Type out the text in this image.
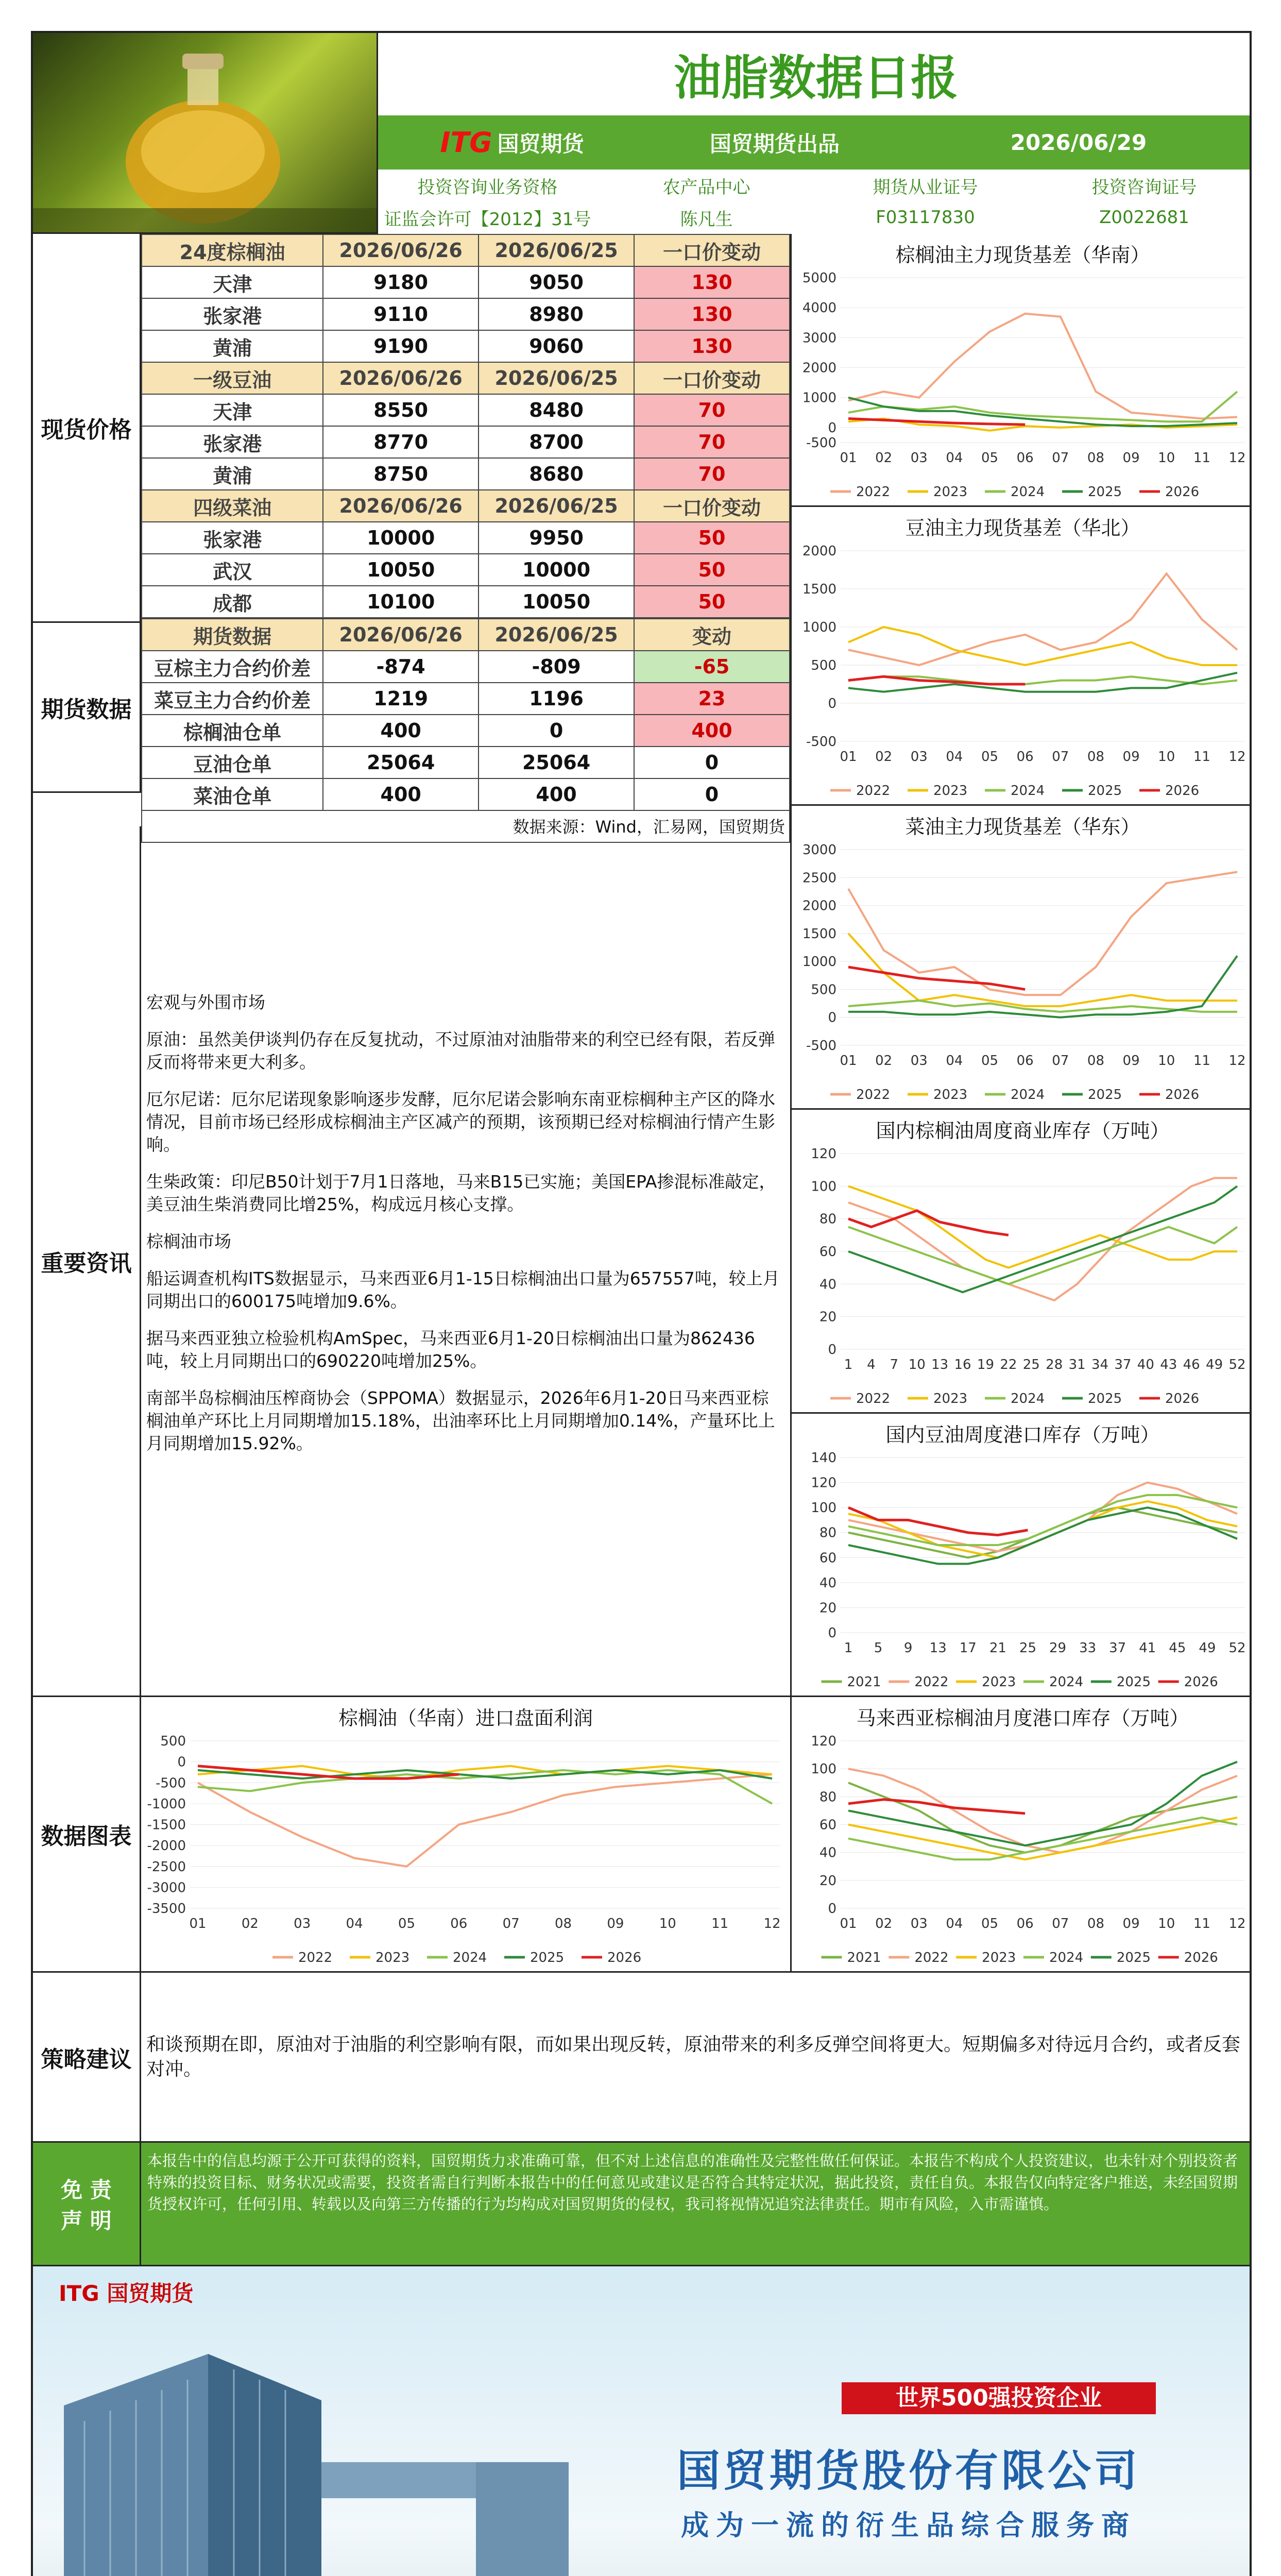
油脂数据日报
ITG 国贸期货	国贸期货出品	2026/06/29
投资咨询业务资格	农产品中心	期货从业证号	投资咨询证号
证监会许可【2012】31号	陈凡生	F03117830	Z0022681
现货价格
期货数据
重要资讯
数据图表
策略建议
免 责 声 明
24度棕榈油	2026/06/26	2026/06/25	一口价变动
天津	9180	9050	130
张家港	9110	8980	130
黄浦	9190	9060	130
一级豆油	2026/06/26	2026/06/25	一口价变动
天津	8550	8480	70
张家港	8770	8700	70
黄浦	8750	8680	70
四级菜油	2026/06/26	2026/06/25	一口价变动
张家港	10000	9950	50
武汉	10050	10000	50
成都	10100	10050	50
期货数据	2026/06/26	2026/06/25	变动
豆棕主力合约价差	-874	-809	-65
菜豆主力合约价差	1219	1196	23
棕榈油仓单	400	0	400
豆油仓单	25064	25064	0
菜油仓单	400	400	0
数据来源：Wind，汇易网，国贸期货

宏观与外围市场

原油：虽然美伊谈判仍存在反复扰动，不过原油对油脂带来的利空已经有限，若反弹反而将带来更大利多。

厄尔尼诺：厄尔尼诺现象影响逐步发酵，厄尔尼诺会影响东南亚棕榈种主产区的降水情况，目前市场已经形成棕榈油主产区减产的预期，该预期已经对棕榈油行情产生影响。

生柴政策：印尼B50计划于7月1日落地，马来B15已实施；美国EPA掺混标准敲定，美豆油生柴消费同比增25%，构成远月核心支撑。

棕榈油市场

船运调查机构ITS数据显示，马来西亚6月1-15日棕榈油出口量为657557吨，较上月同期出口的600175吨增加9.6%。

据马来西亚独立检验机构AmSpec，马来西亚6月1-20日棕榈油出口量为862436吨，较上月同期出口的690220吨增加25%。

南部半岛棕榈油压榨商协会（SPPOMA）数据显示，2026年6月1-20日马来西亚棕榈油单产环比上月同期增加15.18%，出油率环比上月同期增加0.14%，产量环比上月同期增加15.92%。

棕榈油主力现货基差（华南）
5000
4000
3000
2000
1000
0
-500
01 02 03 04 05 06 07 08 09 10 11 12
2022	2023	2024	2025	2026
豆油主力现货基差（华北）
2000
1500
1000
500
0
-500
01 02 03 04 05 06 07 08 09 10 11 12
2022	2023	2024	2025	2026
菜油主力现货基差（华东）
3000
2500
2000
1500
1000
500
0
-500
01 02 03 04 05 06 07 08 09 10 11 12
2022	2023	2024	2025	2026
国内棕榈油周度商业库存（万吨）
120
100
80
60
40
20
0
1 4 7 10 13 16 19 22 25 28 31 34 37 40 43 46 49 52
2022	2023	2024	2025	2026
国内豆油周度港口库存（万吨）
140
120
100
80
60
40
20
0
1 5 9 13 17 21 25 29 33 37 41 45 49 52
2021 2022 2023 2024 2025 2026
棕榈油（华南）进口盘面利润
500
0
-500
-1000
-1500
-2000
-2500
-3000
-3500
01	02	03	04	05	06	07	08	09	10	11	12
2022	2023	2024	2025	2026
马来西亚棕榈油月度港口库存（万吨）
120
100
80
60
40
20
0
01 02 03 04 05 06 07 08 09 10 11 12
2021 2022 2023 2024 2025 2026
和谈预期在即，原油对于油脂的利空影响有限，而如果出现反转，原油带来的利多反弹空间将更大。短期偏多对待远月合约，或者反套对冲。
本报告中的信息均源于公开可获得的资料，国贸期货力求准确可靠，但不对上述信息的准确性及完整性做任何保证。本报告不构成个人投资建议，也未针对个别投资者特殊的投资目标、财务状况或需要，投资者需自行判断本报告中的任何意见或建议是否符合其特定状况，据此投资，责任自负。本报告仅向特定客户推送，未经国贸期货授权许可，任何引用、转载以及向第三方传播的行为均构成对国贸期货的侵权，我司将视情况追究法律责任。期市有风险，入市需谨慎。
ITG 国贸期货
世界500强投资企业
国贸期货股份有限公司
成为一流的衍生品综合服务商
